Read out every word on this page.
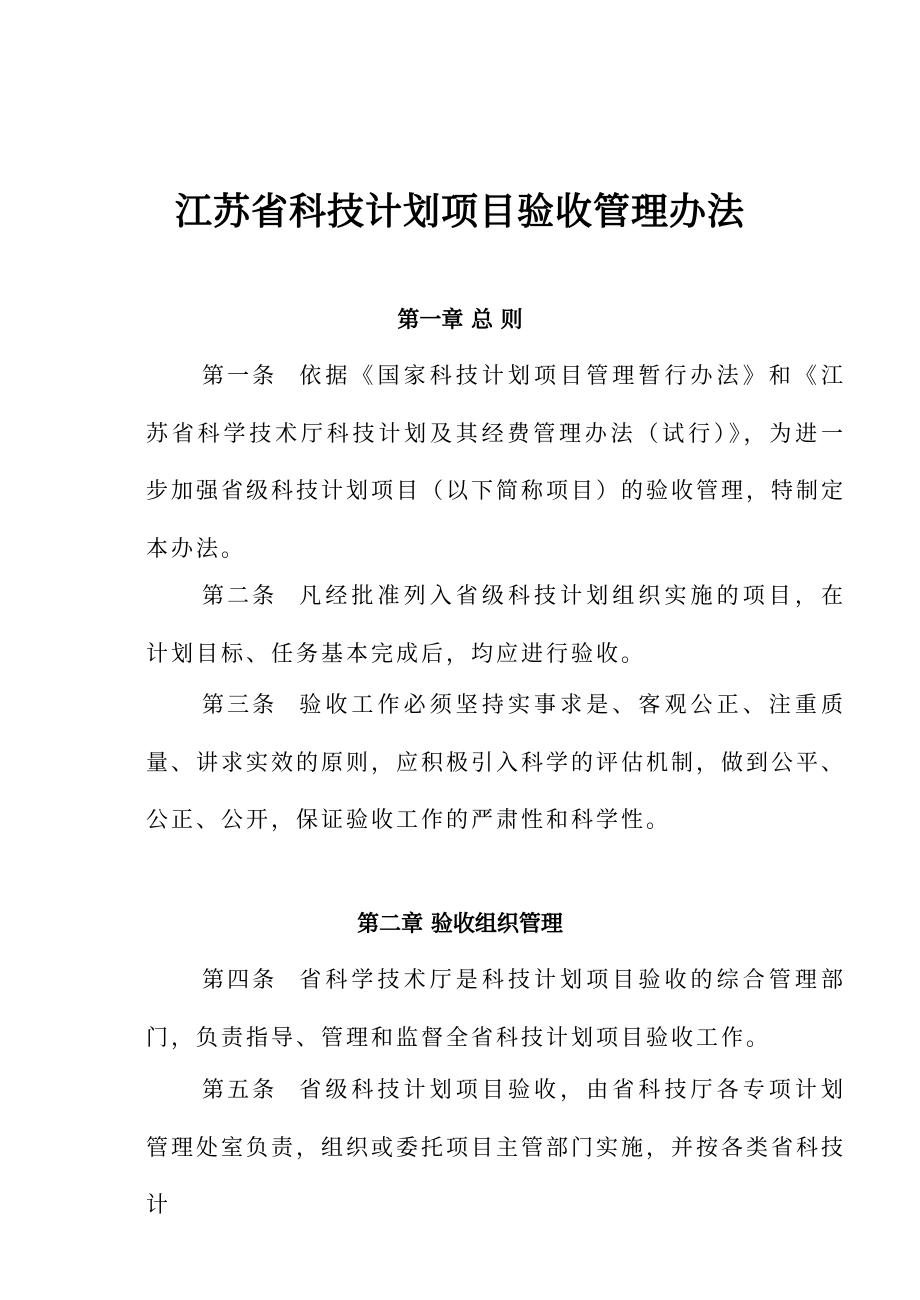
江苏省科技计划项目验收管理办法
第一章 总 则

第一条 依据《国家科技计划项目管理暂行办法》和《江苏省科学技术厅科技计划及其经费管理办法（试行）》，为进一步加强省级科技计划项目（以下简称项目）的验收管理，特制定本办法。

第二条 凡经批准列入省级科技计划组织实施的项目，在计划目标、任务基本完成后，均应进行验收。

第三条 验收工作必须坚持实事求是、客观公正、注重质量、讲求实效的原则，应积极引入科学的评估机制，做到公平、公正、公开，保证验收工作的严肃性和科学性。

第二章 验收组织管理

第四条 省科学技术厅是科技计划项目验收的综合管理部门，负责指导、管理和监督全省科技计划项目验收工作。

第五条 省级科技计划项目验收，由省科技厅各专项计划管理处室负责，组织或委托项目主管部门实施，并按各类省科技计
